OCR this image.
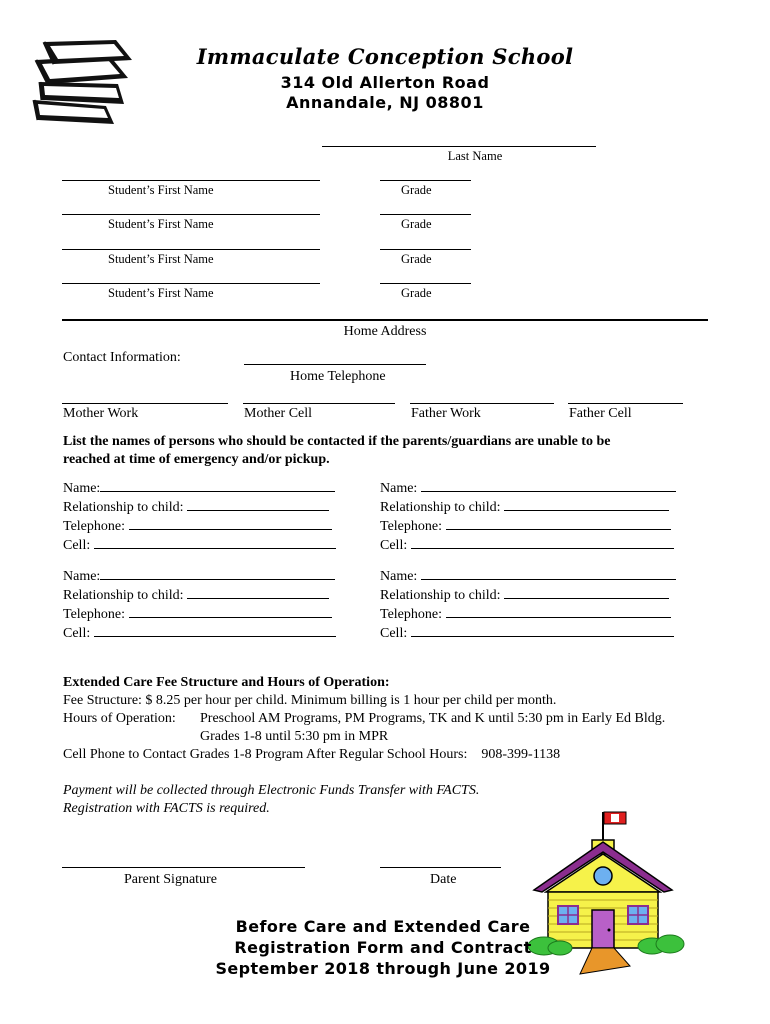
Immaculate Conception School
314 Old Allerton Road
Annandale, NJ 08801
Last Name
Student’s First Name	Grade
Student’s First Name	Grade
Student’s First Name	Grade
Student’s First Name	Grade
Home Address
Contact Information:
Home Telephone
Mother Work	Mother Cell	Father Work	Father Cell
List the names of persons who should be contacted if the parents/guardians are unable to be
reached at time of emergency and/or pickup.
Name:
Relationship to child:
Telephone:
Cell:
Name:
Relationship to child:
Telephone:
Cell:
Name:
Relationship to child:
Telephone:
Cell:
Name:
Relationship to child:
Telephone:
Cell:
Extended Care Fee Structure and Hours of Operation:
Fee Structure: $ 8.25 per hour per child. Minimum billing is 1 hour per child per month.
Hours of Operation: Preschool AM Programs, PM Programs, TK and K until 5:30 pm in Early Ed Bldg.
Grades 1-8 until 5:30 pm in MPR
Cell Phone to Contact Grades 1-8 Program After Regular School Hours:    908-399-1138
Payment will be collected through Electronic Funds Transfer with FACTS.
Registration with FACTS is required.
Parent Signature	Date
Before Care and Extended Care
Registration Form and Contract
September 2018 through June 2019
